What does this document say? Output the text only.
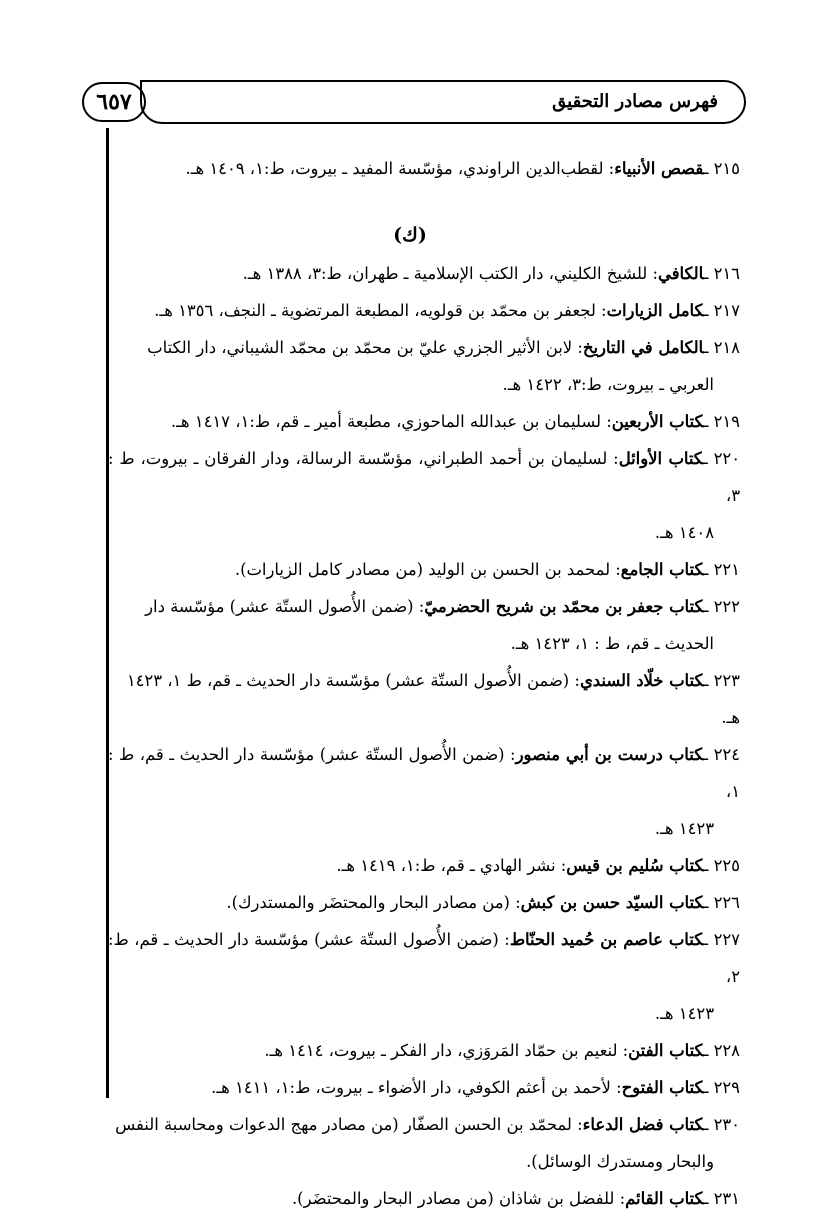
٦٥٧	فهرس مصادر التحقيق
٢١٥ ـقصص الأنبياء: لقطب‌الدين الراوندي، مؤسّسة المفيد ـ بيروت، ط:١، ١٤٠٩ هـ.
(ك)
٢١٦ ـالكافي: للشيخ الكليني، دار الكتب الإسلامية ـ طهران، ط:٣، ١٣٨٨ هـ.
٢١٧ ـكامل الزيارات: لجعفر بن محمّد بن قولويه، المطبعة المرتضوية ـ النجف، ١٣٥٦ هـ.
٢١٨ ـالكامل في التاريخ: لابن الأثير الجزري عليّ بن محمّد بن محمّد الشيباني، دار الكتاب
العربي ـ بيروت، ط:٣، ١٤٢٢ هـ.
٢١٩ ـكتاب الأربعين: لسليمان بن عبدالله الماحوزي، مطبعة أمير ـ قم، ط:١، ١٤١٧ هـ.
٢٢٠ ـكتاب الأوائل: لسليمان بن أحمد الطبراني، مؤسّسة الرسالة، ودار الفرقان ـ بيروت، ط : ٣،
١٤٠٨ هـ.
٢٢١ ـكتاب الجامع: لمحمد بن الحسن بن الوليد (من مصادر كامل الزيارات).
٢٢٢ ـكتاب جعفر بن محمّد بن شريح الحضرميّ: (ضمن الأُصول الستّة عشر) مؤسّسة دار
الحديث ـ قم، ط : ١، ١٤٢٣ هـ.
٢٢٣ ـكتاب خلّاد السندي: (ضمن الأُصول الستّة عشر) مؤسّسة دار الحديث ـ قم، ط ١، ١٤٢٣ هـ.
٢٢٤ ـكتاب درست بن أبي منصور: (ضمن الأُصول الستّة عشر) مؤسّسة دار الحديث ـ قم، ط : ١،
١٤٢٣ هـ.
٢٢٥ ـكتاب سُليم بن قيس: نشر الهادي ـ قم، ط:١، ١٤١٩ هـ.
٢٢٦ ـكتاب السيّد حسن بن كبش: (من مصادر البحار والمحتضَر والمستدرك).
٢٢٧ ـكتاب عاصم بن حُميد الحنّاط: (ضمن الأُصول الستّة عشر) مؤسّسة دار الحديث ـ قم، ط: ٢،
١٤٢٣ هـ.
٢٢٨ ـكتاب الفتن: لنعيم بن حمّاد المَروَزي، دار الفكر ـ بيروت، ١٤١٤ هـ.
٢٢٩ ـكتاب الفتوح: لأحمد بن أعثم الكوفي، دار الأضواء ـ بيروت، ط:١، ١٤١١ هـ.
٢٣٠ ـكتاب فضل الدعاء: لمحمّد بن الحسن الصفّار (من مصادر مهج الدعوات ومحاسبة النفس
والبحار ومستدرك الوسائل).
٢٣١ ـكتاب القائم: للفضل بن شاذان (من مصادر البحار والمحتضَر).
